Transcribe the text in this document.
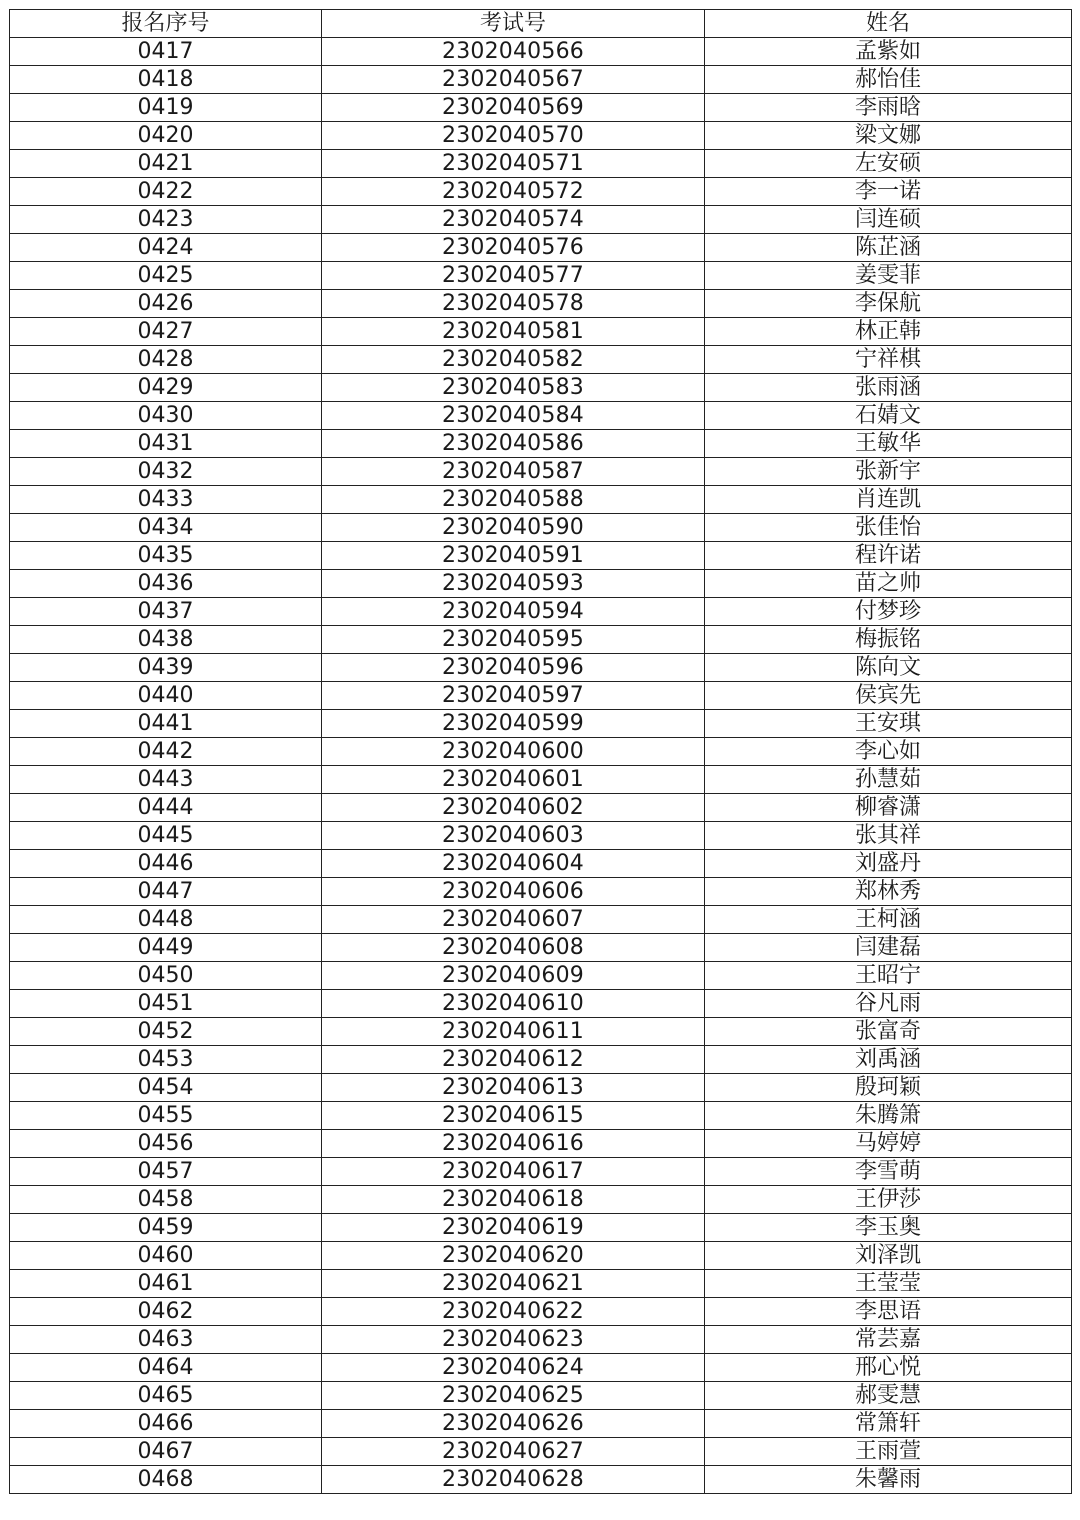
报名序号	考试号	姓名
0417	2302040566	孟紫如
0418	2302040567	郝怡佳
0419	2302040569	李雨晗
0420	2302040570	梁文娜
0421	2302040571	左安硕
0422	2302040572	李一诺
0423	2302040574	闫连硕
0424	2302040576	陈芷涵
0425	2302040577	姜雯菲
0426	2302040578	李保航
0427	2302040581	林正韩
0428	2302040582	宁祥棋
0429	2302040583	张雨涵
0430	2302040584	石婧文
0431	2302040586	王敏华
0432	2302040587	张新宇
0433	2302040588	肖连凯
0434	2302040590	张佳怡
0435	2302040591	程许诺
0436	2302040593	苗之帅
0437	2302040594	付梦珍
0438	2302040595	梅振铭
0439	2302040596	陈向文
0440	2302040597	侯宾先
0441	2302040599	王安琪
0442	2302040600	李心如
0443	2302040601	孙慧茹
0444	2302040602	柳睿潇
0445	2302040603	张其祥
0446	2302040604	刘盛丹
0447	2302040606	郑林秀
0448	2302040607	王柯涵
0449	2302040608	闫建磊
0450	2302040609	王昭宁
0451	2302040610	谷凡雨
0452	2302040611	张富奇
0453	2302040612	刘禹涵
0454	2302040613	殷珂颖
0455	2302040615	朱腾箫
0456	2302040616	马婷婷
0457	2302040617	李雪萌
0458	2302040618	王伊莎
0459	2302040619	李玉奥
0460	2302040620	刘泽凯
0461	2302040621	王莹莹
0462	2302040622	李思语
0463	2302040623	常芸嘉
0464	2302040624	邢心悦
0465	2302040625	郝雯慧
0466	2302040626	常箫轩
0467	2302040627	王雨萱
0468	2302040628	朱馨雨
